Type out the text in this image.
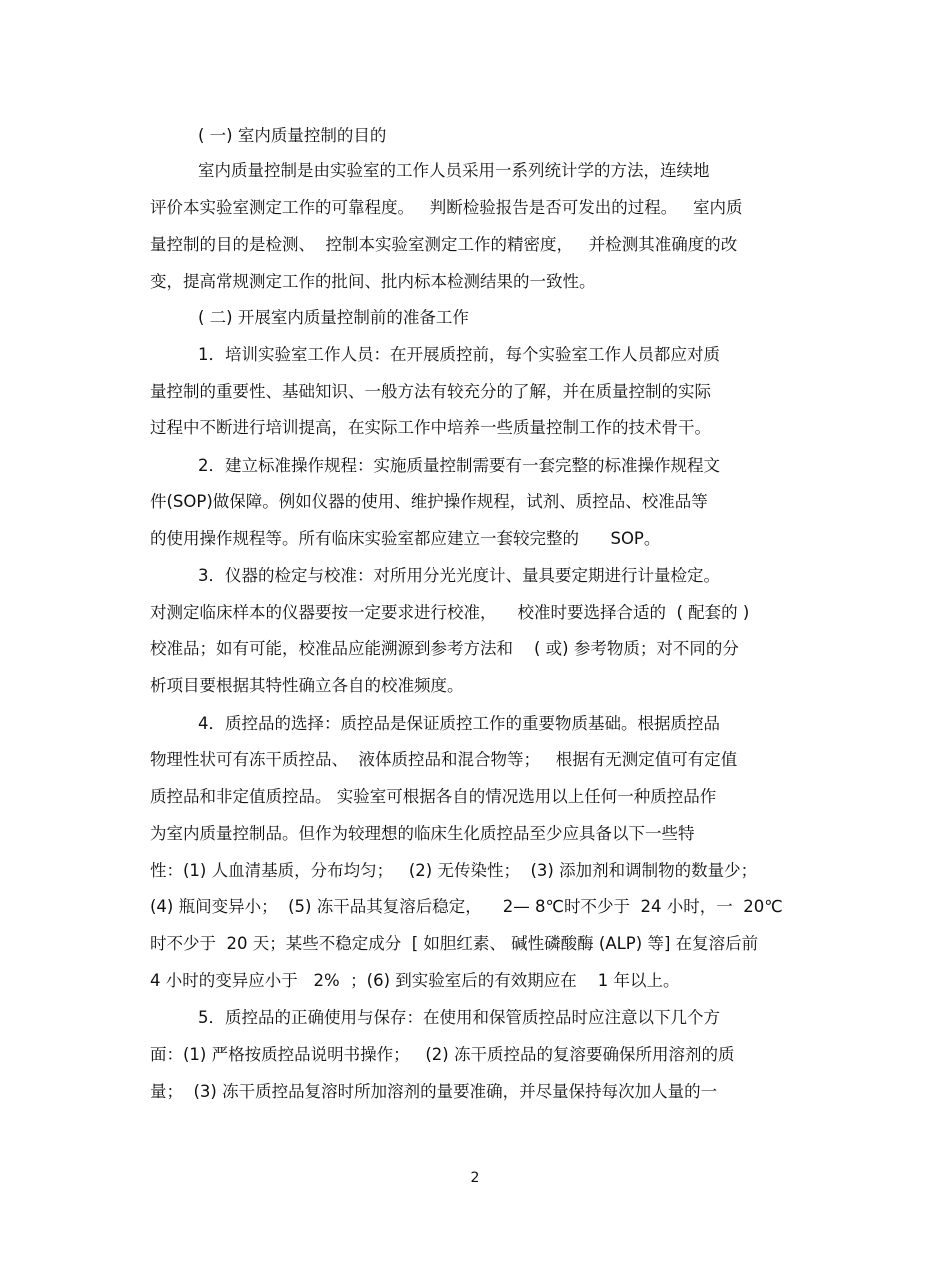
( 一) 室内质量控制的目的

室内质量控制是由实验室的工作人员采用一系列统计学的方法，连续地

评价本实验室测定工作的可靠程度。   判断检验报告是否可发出的过程。   室内质

量控制的目的是检测、  控制本实验室测定工作的精密度，   并检测其准确度的改

变，提高常规测定工作的批间、批内标本检测结果的一致性。

( 二) 开展室内质量控制前的准备工作

1．培训实验室工作人员：在开展质控前，每个实验室工作人员都应对质

量控制的重要性、基础知识、一般方法有较充分的了解，并在质量控制的实际

过程中不断进行培训提高，在实际工作中培养一些质量控制工作的技术骨干。

2．建立标准操作规程：实施质量控制需要有一套完整的标准操作规程文

件(SOP)做保障。例如仪器的使用、维护操作规程，试剂、质控品、校准品等

的使用操作规程等。所有临床实验室都应建立一套较完整的      SOP。

3．仪器的检定与校准：对所用分光光度计、量具要定期进行计量检定。

对测定临床样本的仪器要按一定要求进行校准，    校准时要选择合适的  ( 配套的 )

校准品；如有可能，校准品应能溯源到参考方法和    ( 或) 参考物质；对不同的分

析项目要根据其特性确立各自的校准频度。

4．质控品的选择：质控品是保证质控工作的重要物质基础。根据质控品

物理性状可有冻干质控品、  液体质控品和混合物等；   根据有无测定值可有定值

质控品和非定值质控品。 实验室可根据各自的情况选用以上任何一种质控品作

为室内质量控制品。但作为较理想的临床生化质控品至少应具备以下一些特

性：(1) 人血清基质，分布均匀；   (2) 无传染性；  (3) 添加剂和调制物的数量少；

(4) 瓶间变异小；  (5) 冻干品其复溶后稳定，    2— 8℃时不少于  24 小时，一  20℃

时不少于  20 天；某些不稳定成分  [ 如胆红素、 碱性磷酸酶 (ALP) 等] 在复溶后前

4 小时的变异应小于   2%  ；(6) 到实验室后的有效期应在    1 年以上。

5．质控品的正确使用与保存：在使用和保管质控品时应注意以下几个方

面：(1) 严格按质控品说明书操作；   (2) 冻干质控品的复溶要确保所用溶剂的质

量；  (3) 冻干质控品复溶时所加溶剂的量要准确，并尽量保持每次加人量的一

2
